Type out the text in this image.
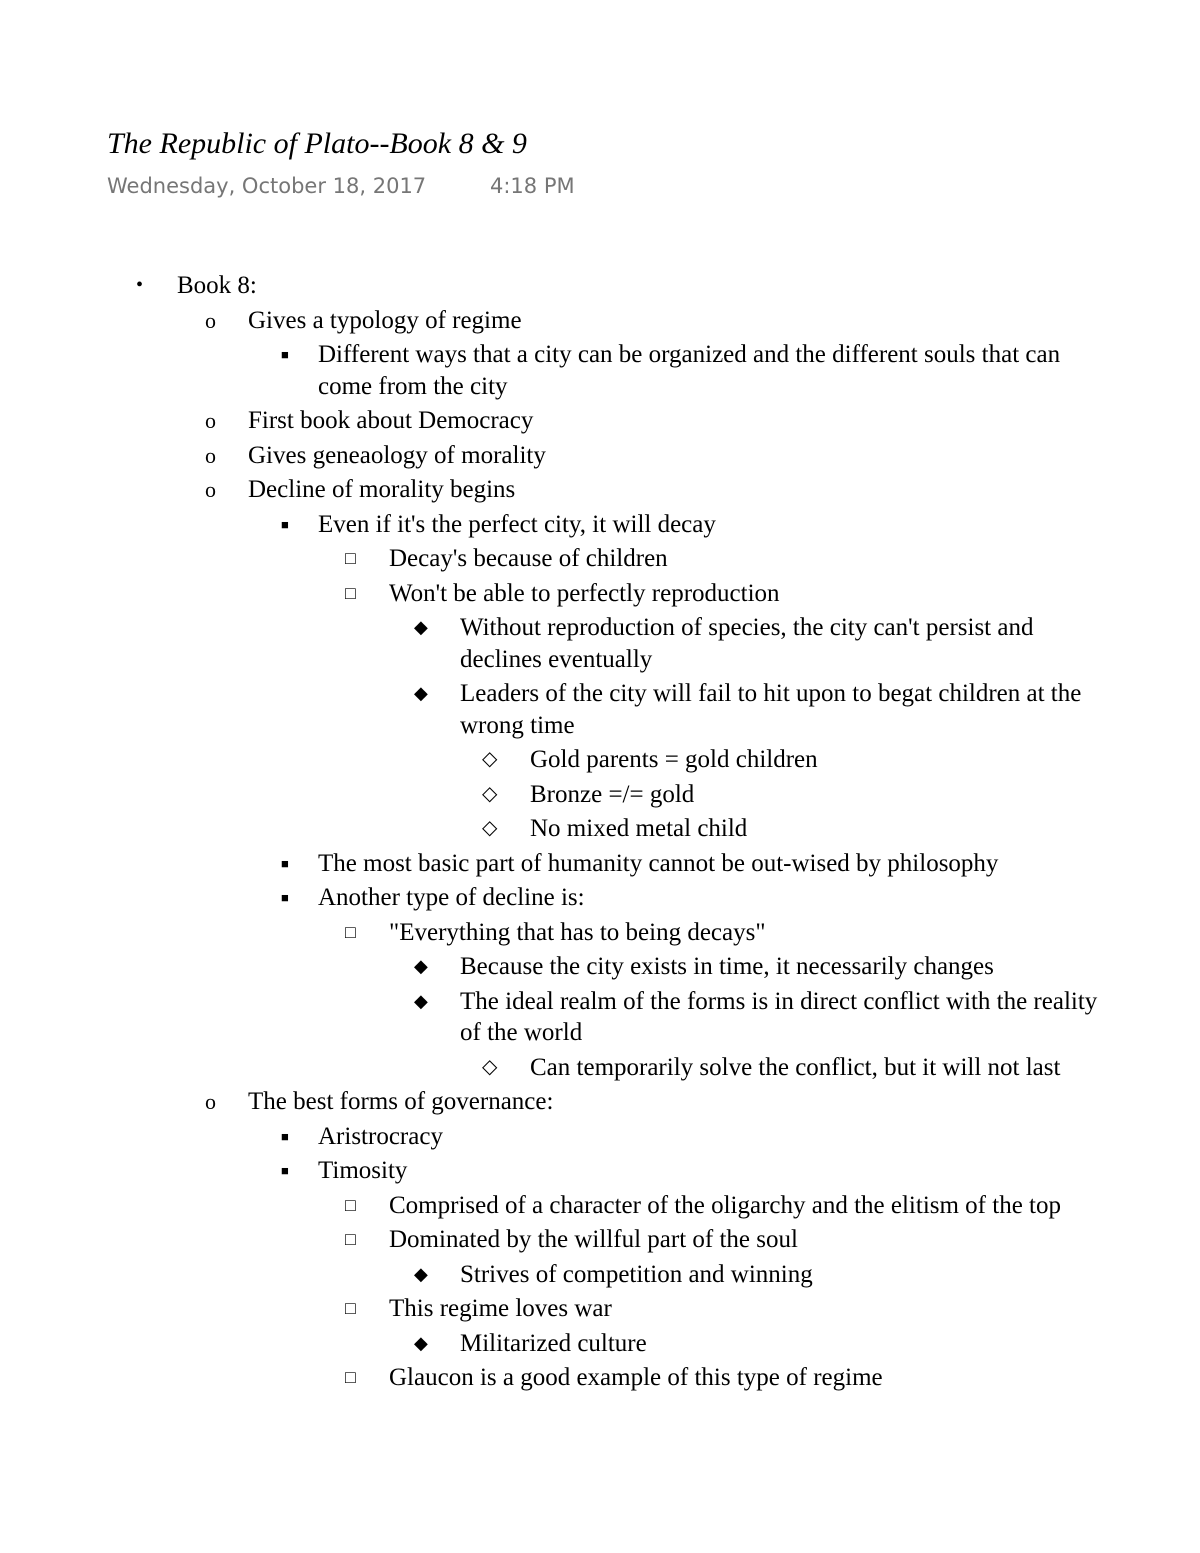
The Republic of Plato--Book 8 & 9
Wednesday, October 18, 2017	4:18 PM
• Book 8:
o Gives a typology of regime
■ Different ways that a city can be organized and the different souls that can come from the city
o First book about Democracy
o Gives geneaology of morality
o Decline of morality begins
■ Even if it's the perfect city, it will decay
□ Decay's because of children
□ Won't be able to perfectly reproduction
◆ Without reproduction of species, the city can't persist and declines eventually
◆ Leaders of the city will fail to hit upon to begat children at the wrong time
◇ Gold parents = gold children
◇ Bronze =/= gold
◇ No mixed metal child
■ The most basic part of humanity cannot be out-wised by philosophy
■ Another type of decline is:
□ "Everything that has to being decays"
◆ Because the city exists in time, it necessarily changes
◆ The ideal realm of the forms is in direct conflict with the reality of the world
◇ Can temporarily solve the conflict, but it will not last
o The best forms of governance:
■ Aristrocracy
■ Timosity
□ Comprised of a character of the oligarchy and the elitism of the top
□ Dominated by the willful part of the soul
◆ Strives of competition and winning
□ This regime loves war
◆ Militarized culture
□ Glaucon is a good example of this type of regime
